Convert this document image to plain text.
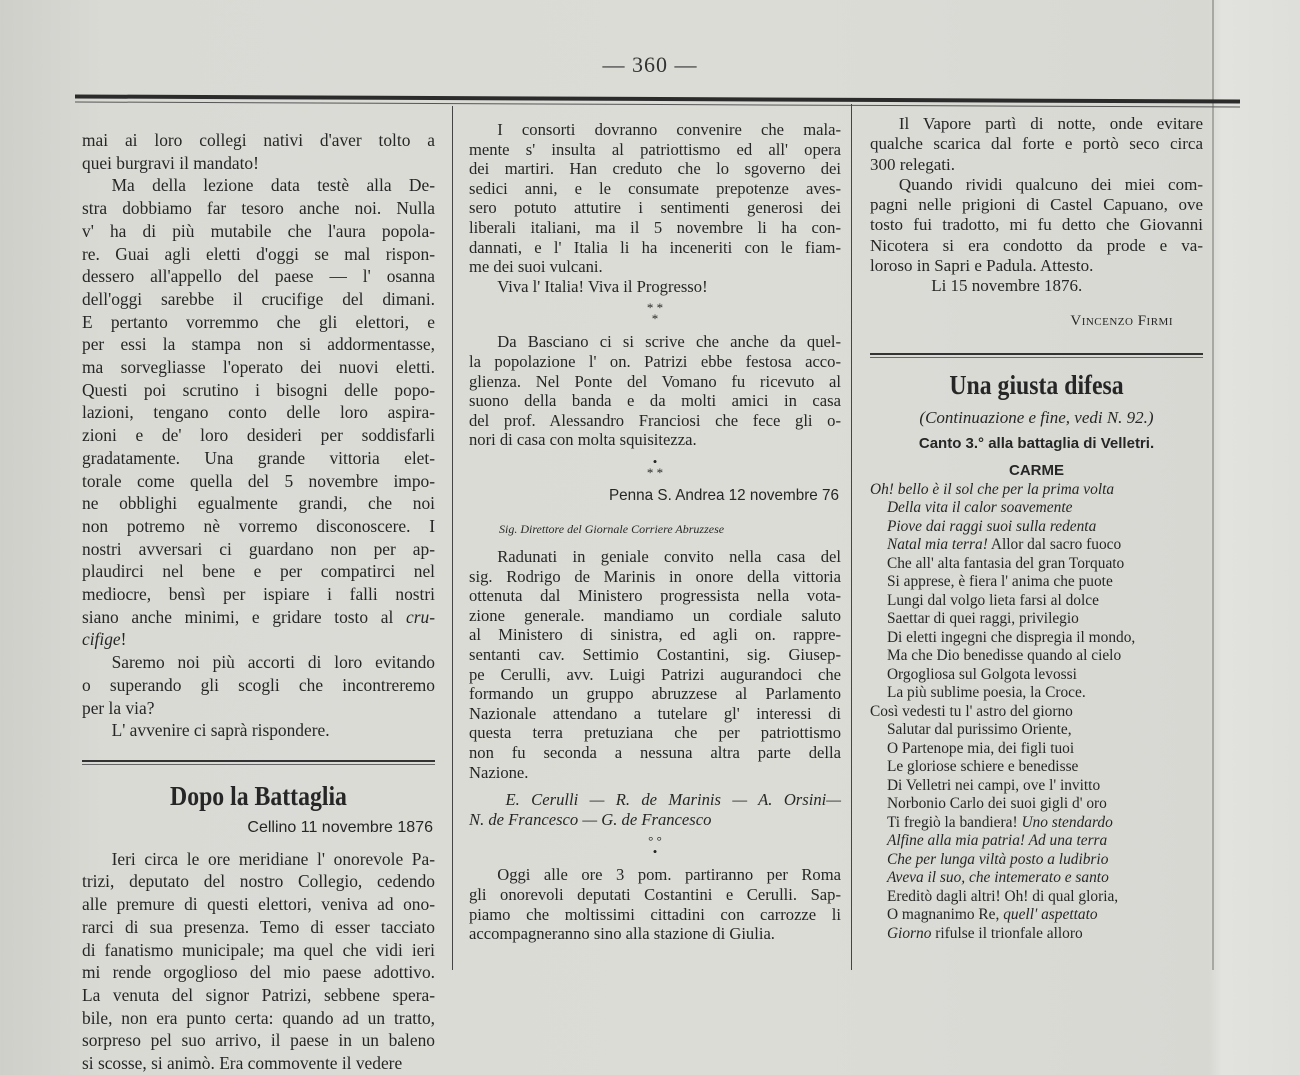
— 360 —
mai ai loro collegi nativi d'aver tolto a
quei burgravi il mandato!
Ma della lezione data testè alla De-
stra dobbiamo far tesoro anche noi. Nulla
v' ha di più mutabile che l'aura popola-
re. Guai agli eletti d'oggi se mal rispon-
dessero all'appello del paese — l' osanna
dell'oggi sarebbe il crucifige del dimani.
E pertanto vorremmo che gli elettori, e
per essi la stampa non si addormentasse,
ma sorvegliasse l'operato dei nuovi eletti.
Questi poi scrutino i bisogni delle popo-
lazioni, tengano conto delle loro aspira-
zioni e de' loro desideri per soddisfarli
gradatamente. Una grande vittoria elet-
torale come quella del 5 novembre impo-
ne obblighi egualmente grandi, che noi
non potremo nè vorremo disconoscere. I
nostri avversari ci guardano non per ap-
plaudirci nel bene e per compatirci nel
mediocre, bensì per ispiare i falli nostri
siano anche minimi, e gridare tosto al cru-
cifige!
Saremo noi più accorti di loro evitando
o superando gli scogli che incontreremo
per la via?
L' avvenire ci saprà rispondere.
Dopo la Battaglia
Cellino 11 novembre 1876
Ieri circa le ore meridiane l' onorevole Pa-
trizi, deputato del nostro Collegio, cedendo
alle premure di questi elettori, veniva ad ono-
rarci di sua presenza. Temo di esser tacciato
di fanatismo municipale; ma quel che vidi ieri
mi rende orgoglioso del mio paese adottivo.
La venuta del signor Patrizi, sebbene spera-
bile, non era punto certa: quando ad un tratto,
sorpreso pel suo arrivo, il paese in un baleno
si scosse, si animò. Era commovente il vedere
I consorti dovranno convenire che mala-
mente s' insulta al patriottismo ed all' opera
dei martiri. Han creduto che lo sgoverno dei
sedici anni, e le consumate prepotenze aves-
sero potuto attutire i sentimenti generosi dei
liberali italiani, ma il 5 novembre li ha con-
dannati, e l' Italia li ha inceneriti con le fiam-
me dei suoi vulcani.
Viva l' Italia! Viva il Progresso!
* *
*
Da Basciano ci si scrive che anche da quel-
la popolazione l' on. Patrizi ebbe festosa acco-
glienza. Nel Ponte del Vomano fu ricevuto al
suono della banda e da molti amici in casa
del prof. Alessandro Franciosi che fece gli o-
nori di casa con molta squisitezza.
•
* *
Penna S. Andrea 12 novembre 76
Sig. Direttore del Giornale Corriere Abruzzese
Radunati in geniale convito nella casa del
sig. Rodrigo de Marinis in onore della vittoria
ottenuta dal Ministero progressista nella vota-
zione generale. mandiamo un cordiale saluto
al Ministero di sinistra, ed agli on. rappre-
sentanti cav. Settimio Costantini, sig. Giusep-
pe Cerulli, avv. Luigi Patrizi augurandoci che
formando un gruppo abruzzese al Parlamento
Nazionale attendano a tutelare gl' interessi di
questa terra pretuziana che per patriottismo
non fu seconda a nessuna altra parte della
Nazione.
E. Cerulli — R. de Marinis — A. Orsini—
N. de Francesco — G. de Francesco
° °
•
Oggi alle ore 3 pom. partiranno per Roma
gli onorevoli deputati Costantini e Cerulli. Sap-
piamo che moltissimi cittadini con carrozze li
accompagneranno sino alla stazione di Giulia.
Il Vapore partì di notte, onde evitare
qualche scarica dal forte e portò seco circa
300 relegati.
Quando rividi qualcuno dei miei com-
pagni nelle prigioni di Castel Capuano, ove
tosto fui tradotto, mi fu detto che Giovanni
Nicotera si era condotto da prode e va-
loroso in Sapri e Padula. Attesto.
Li 15 novembre 1876.
Vincenzo Firmi
Una giusta difesa
(Continuazione e fine, vedi N. 92.)
Canto 3.° alla battaglia di Velletri.
CARME
Oh! bello è il sol che per la prima volta
Della vita il calor soavemente
Piove dai raggi suoi sulla redenta
Natal mia terra! Allor dal sacro fuoco
Che all' alta fantasia del gran Torquato
Si apprese, è fiera l' anima che puote
Lungi dal volgo lieta farsi al dolce
Saettar di quei raggi, privilegio
Di eletti ingegni che dispregia il mondo,
Ma che Dio benedisse quando al cielo
Orgogliosa sul Golgota levossi
La più sublime poesia, la Croce.
Così vedesti tu l' astro del giorno
Salutar dal purissimo Oriente,
O Partenope mia, dei figli tuoi
Le gloriose schiere e benedisse
Di Velletri nei campi, ove l' invitto
Norbonio Carlo dei suoi gigli d' oro
Ti fregiò la bandiera! Uno stendardo
Alfine alla mia patria! Ad una terra
Che per lunga viltà posto a ludibrio
Aveva il suo, che intemerato e santo
Ereditò dagli altri! Oh! di qual gloria,
O magnanimo Re, quell' aspettato
Giorno rifulse il trionfale alloro
